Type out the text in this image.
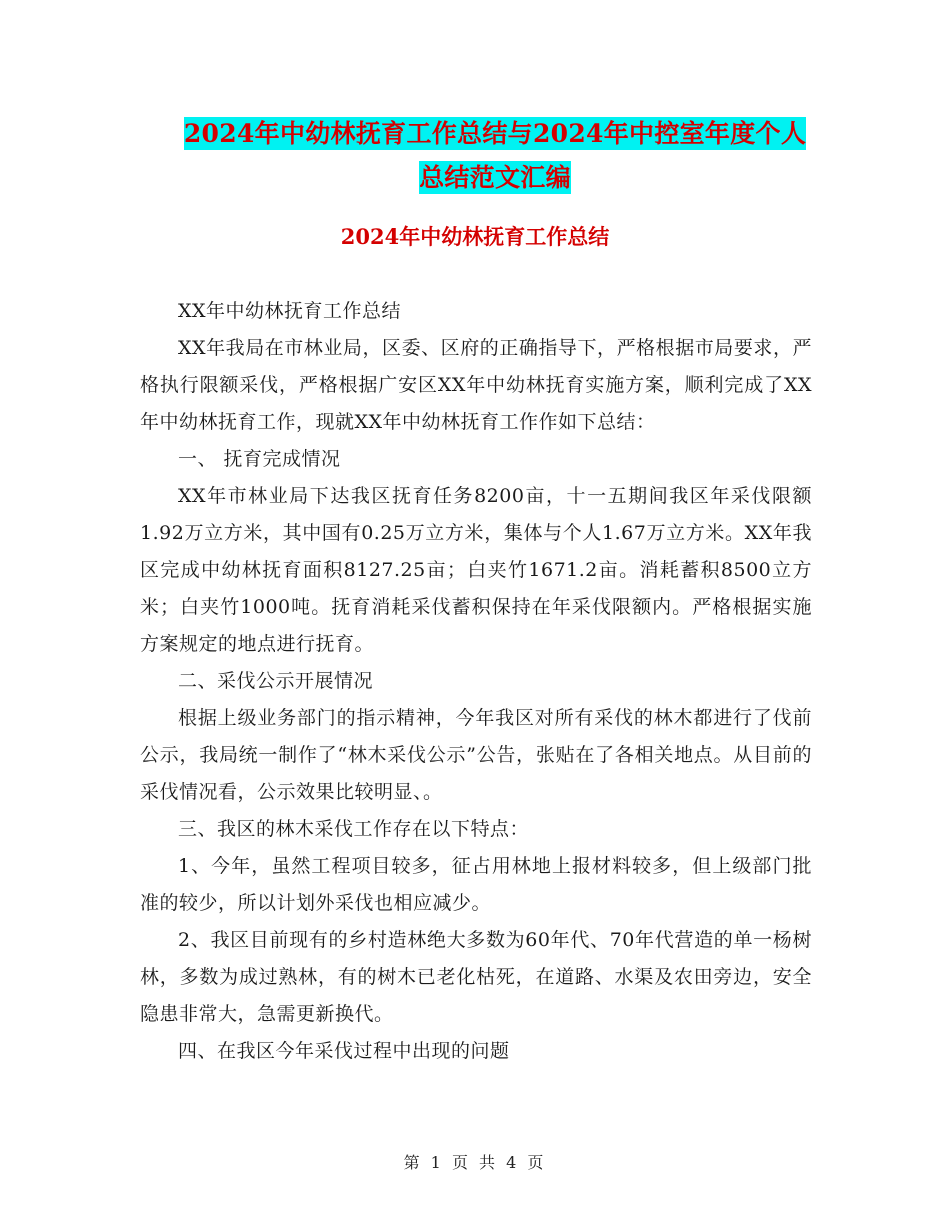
2024年中幼林抚育工作总结与2024年中控室年度个人
总结范文汇编
2024年中幼林抚育工作总结

XX年中幼林抚育工作总结

XX年我局在市林业局，区委、区府的正确指导下，严格根据市局要求，严格执行限额采伐，严格根据广安区XX年中幼林抚育实施方案，顺利完成了XX年中幼林抚育工作，现就XX年中幼林抚育工作作如下总结：

一、 抚育完成情况

XX年市林业局下达我区抚育任务8200亩，十一五期间我区年采伐限额1.92万立方米，其中国有0.25万立方米，集体与个人1.67万立方米。XX年我区完成中幼林抚育面积8127.25亩；白夹竹1671.2亩。消耗蓄积8500立方米；白夹竹1000吨。抚育消耗采伐蓄积保持在年采伐限额内。严格根据实施方案规定的地点进行抚育。

二、采伐公示开展情况

根据上级业务部门的指示精神，今年我区对所有采伐的林木都进行了伐前公示，我局统一制作了“林木采伐公示”公告，张贴在了各相关地点。从目前的采伐情况看，公示效果比较明显、。

三、我区的林木采伐工作存在以下特点：

1、今年，虽然工程项目较多，征占用林地上报材料较多，但上级部门批准的较少，所以计划外采伐也相应减少。

2、我区目前现有的乡村造林绝大多数为60年代、70年代营造的单一杨树林，多数为成过熟林，有的树木已老化枯死，在道路、水渠及农田旁边，安全隐患非常大，急需更新换代。

四、在我区今年采伐过程中出现的问题

第 1 页 共 4 页
